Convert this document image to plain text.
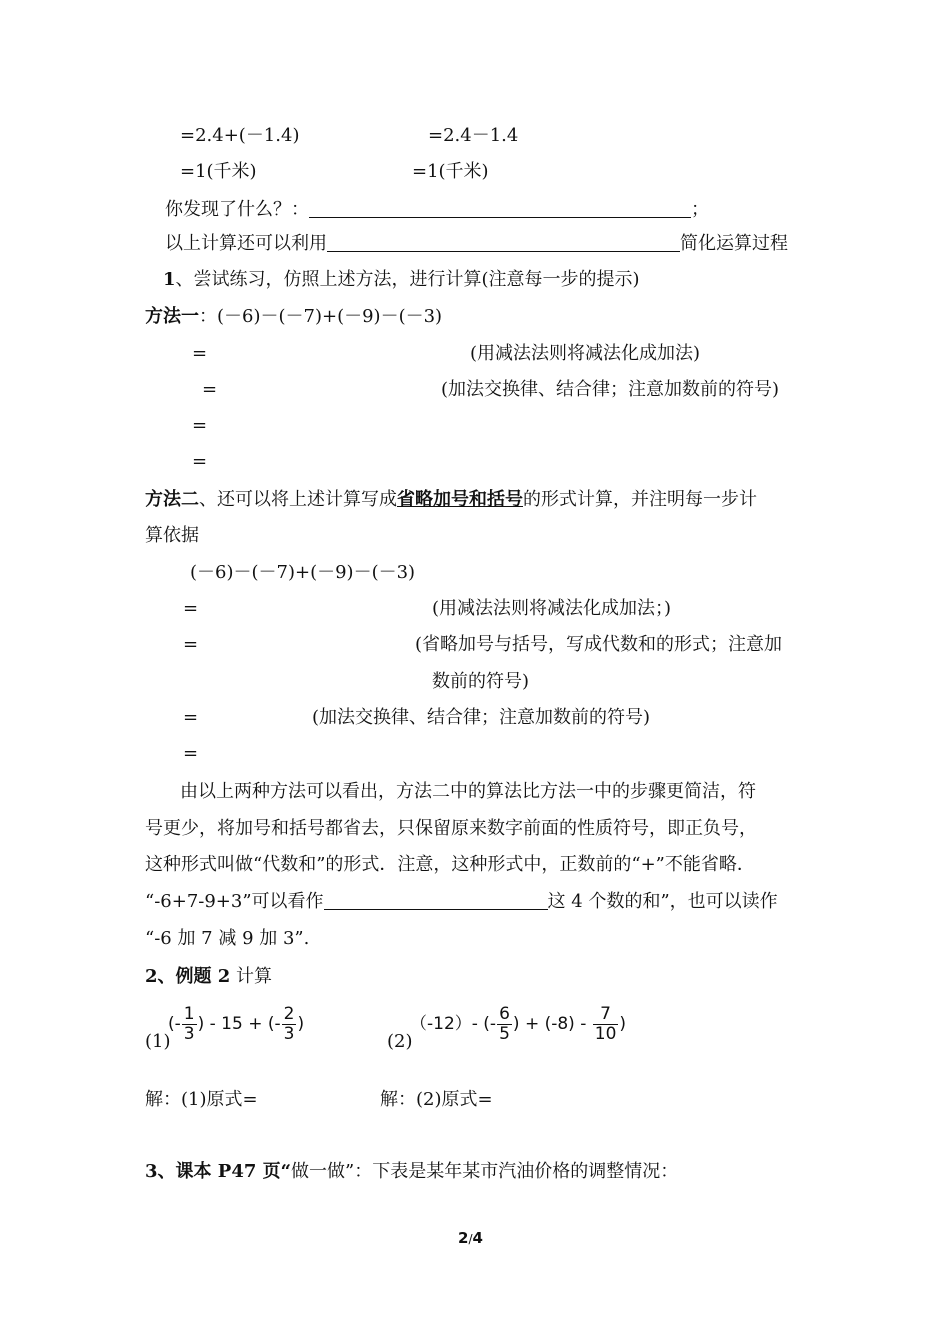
=2.4+(－1.4)	=2.4－1.4
=1(千米)	=1(千米)
你发现了什么？：	；
以上计算还可以利用	简化运算过程
1、尝试练习，仿照上述方法，进行计算(注意每一步的提示)
方法一：(－6)－(－7)+(－9)－(－3)
=	(用减法法则将减法化成加法)
=	(加法交换律、结合律；注意加数前的符号)
=
=
方法二、还可以将上述计算写成省略加号和括号的形式计算，并注明每一步计
算依据
(－6)－(－7)+(－9)－(－3)
=	(用减法法则将减法化成加法；)
=	(省略加号与括号，写成代数和的形式；注意加
数前的符号)
=	(加法交换律、结合律；注意加数前的符号)
=
由以上两种方法可以看出，方法二中的算法比方法一中的步骤更简洁，符
号更少，将加号和括号都省去，只保留原来数字前面的性质符号，即正负号，
这种形式叫做“代数和”的形式．注意，这种形式中，正数前的“+”不能省略．
“-6+7-9+3”可以看作	这 4 个数的和”，也可以读作
“-6 加 7 减 9 加 3”.
2、例题 2 计算
(1)
(- $\frac{1}{3}$ ) - 15 + (- $\frac{2}{3}$ )
(2)
（-12）- (- $\frac{6}{5}$ ) + $(-8) - \frac{7}{10}$ )
解：(1)原式=	解：(2)原式=
3、课本 P47 页“做一做”：下表是某年某市汽油价格的调整情况：
2/4
